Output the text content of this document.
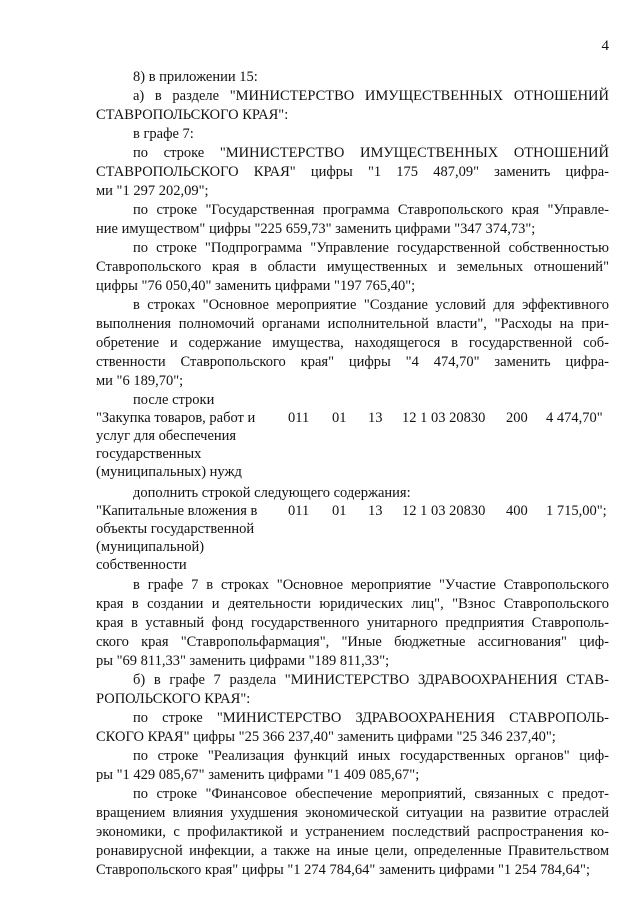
4
8) в приложении 15:
а) в разделе "МИНИСТЕРСТВО ИМУЩЕСТВЕННЫХ ОТНОШЕНИЙ
СТАВРОПОЛЬСКОГО КРАЯ":
в графе 7:
по строке "МИНИСТЕРСТВО ИМУЩЕСТВЕННЫХ ОТНОШЕНИЙ
СТАВРОПОЛЬСКОГО КРАЯ" цифры "1 175 487,09" заменить цифра-
ми "1 297 202,09";
по строке "Государственная программа Ставропольского края "Управле-
ние имуществом" цифры "225 659,73" заменить цифрами "347 374,73";
по строке "Подпрограмма "Управление государственной собственностью
Ставропольского края в области имущественных и земельных отношений"
цифры "76 050,40" заменить цифрами "197 765,40";
в строках "Основное мероприятие "Создание условий для эффективного
выполнения полномочий органами исполнительной власти", "Расходы на при-
обретение и содержание имущества, находящегося в государственной соб-
ственности Ставропольского края" цифры "4 474,70" заменить цифра-
ми "6 189,70";
после строки
"Закупка товаров, работ и услуг для обеспечения государственных (муниципальных) нужд
011 01 13 12 1 03 20830 200 4 474,70"
дополнить строкой следующего содержания:
"Капитальные вложения в объекты государственной (муниципальной) собственности
011 01 13 12 1 03 20830 400 1 715,00";
в графе 7 в строках "Основное мероприятие "Участие Ставропольского
края в создании и деятельности юридических лиц", "Взнос Ставропольского
края в уставный фонд государственного унитарного предприятия Ставрополь-
ского края "Ставропольфармация", "Иные бюджетные ассигнования" циф-
ры "69 811,33" заменить цифрами "189 811,33";
б) в графе 7 раздела "МИНИСТЕРСТВО ЗДРАВООХРАНЕНИЯ СТАВ-
РОПОЛЬСКОГО КРАЯ":
по строке "МИНИСТЕРСТВО ЗДРАВООХРАНЕНИЯ СТАВРОПОЛЬ-
СКОГО КРАЯ" цифры "25 366 237,40" заменить цифрами "25 346 237,40";
по строке "Реализация функций иных государственных органов" циф-
ры "1 429 085,67" заменить цифрами "1 409 085,67";
по строке "Финансовое обеспечение мероприятий, связанных с предот-
вращением влияния ухудшения экономической ситуации на развитие отраслей
экономики, с профилактикой и устранением последствий распространения ко-
ронавирусной инфекции, а также на иные цели, определенные Правительством
Ставропольского края" цифры "1 274 784,64" заменить цифрами "1 254 784,64";
